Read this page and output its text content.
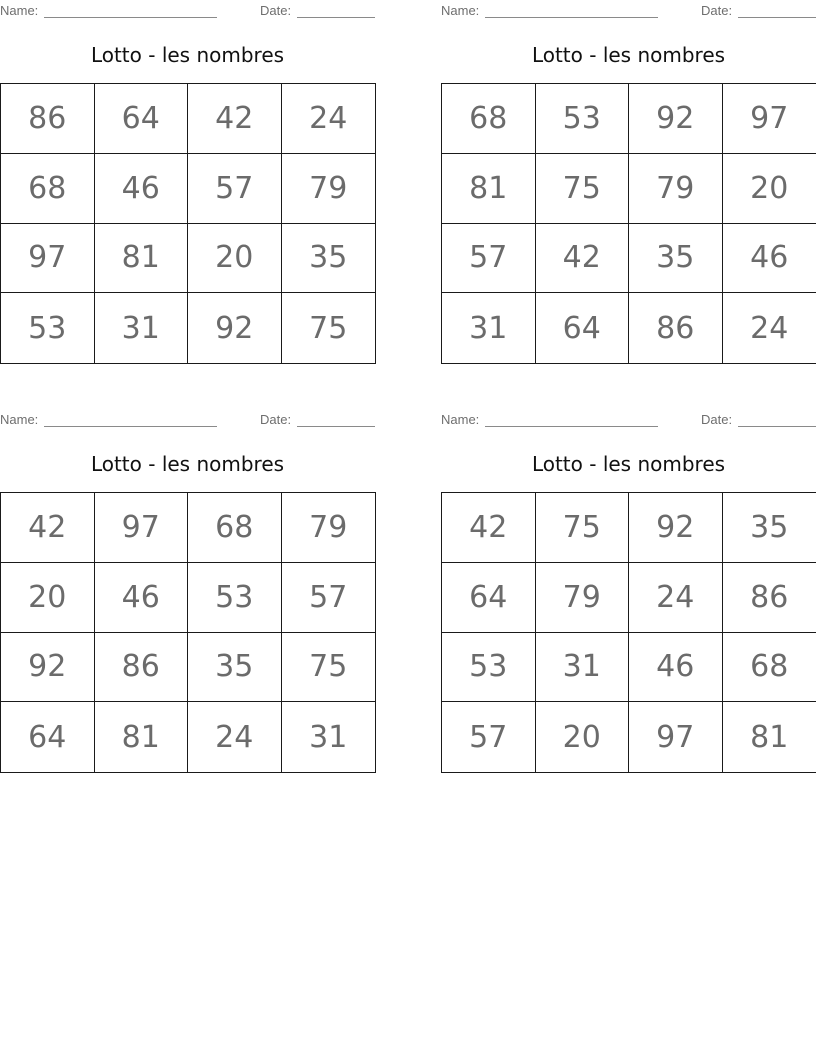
Name:	Date:
Lotto - les nombres
86	64	42	24
68	46	57	79
97	81	20	35
53	31	92	75
Name:	Date:
Lotto - les nombres
68	53	92	97
81	75	79	20
57	42	35	46
31	64	86	24
Name:	Date:
Lotto - les nombres
42	97	68	79
20	46	53	57
92	86	35	75
64	81	24	31
Name:	Date:
Lotto - les nombres
42	75	92	35
64	79	24	86
53	31	46	68
57	20	97	81
